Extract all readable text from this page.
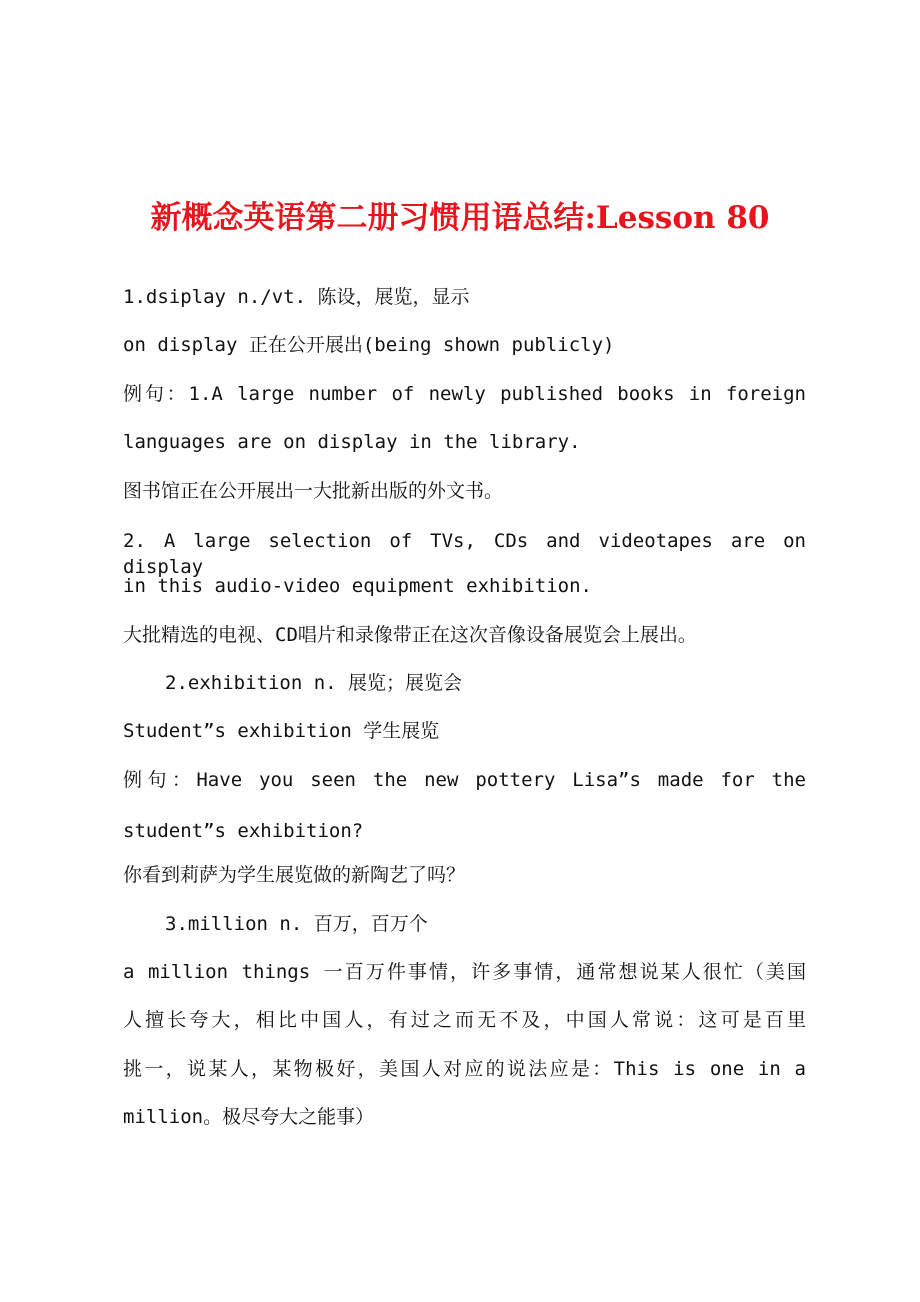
新概念英语第二册习惯用语总结:Lesson 80
1.dsiplay n./vt. 陈设，展览，显示
on display 正在公开展出(being shown publicly)
例句：1.A large number of newly published books in foreign
languages are on display in the library.
图书馆正在公开展出一大批新出版的外文书。
2. A large selection of TVs, CDs and videotapes are on display
in this audio-video equipment exhibition.
大批精选的电视、CD唱片和录像带正在这次音像设备展览会上展出。
2.exhibition n. 展览；展览会
Student”s exhibition 学生展览
例句：Have you seen the new pottery Lisa”s made for the
student”s exhibition?
你看到莉萨为学生展览做的新陶艺了吗？
3.million n. 百万，百万个
a million things 一百万件事情，许多事情，通常想说某人很忙（美国
人擅长夸大，相比中国人，有过之而无不及，中国人常说：这可是百里
挑一，说某人，某物极好，美国人对应的说法应是：This is one in a
million。极尽夸大之能事）
